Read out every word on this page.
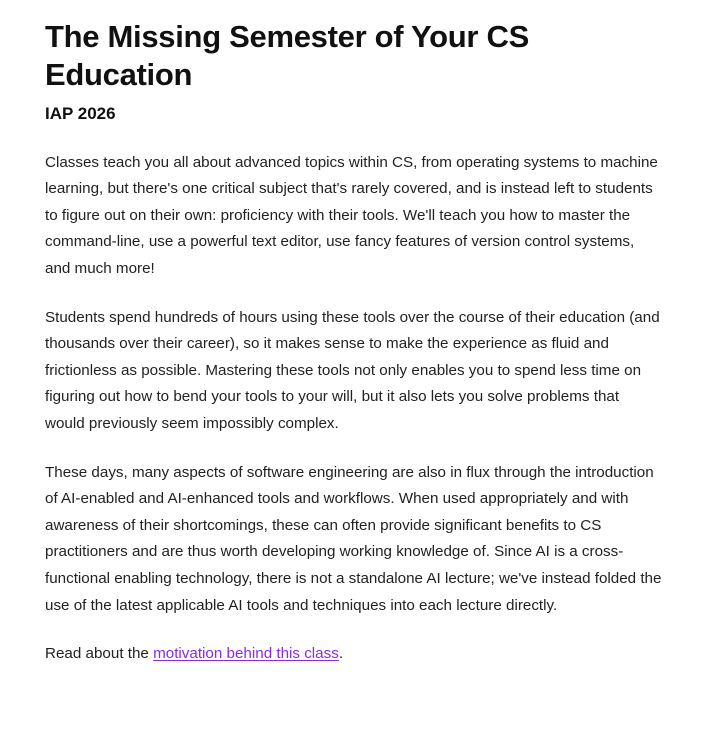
The Missing Semester of Your CS Education
IAP 2026

Classes teach you all about advanced topics within CS, from operating systems to machine learning, but there's one critical subject that's rarely covered, and is instead left to students to figure out on their own: proficiency with their tools. We'll teach you how to master the command-line, use a powerful text editor, use fancy features of version control systems, and much more!

Students spend hundreds of hours using these tools over the course of their education (and thousands over their career), so it makes sense to make the experience as fluid and frictionless as possible. Mastering these tools not only enables you to spend less time on figuring out how to bend your tools to your will, but it also lets you solve problems that would previously seem impossibly complex.

These days, many aspects of software engineering are also in flux through the introduction of AI-enabled and AI-enhanced tools and workflows. When used appropriately and with awareness of their shortcomings, these can often provide significant benefits to CS practitioners and are thus worth developing working knowledge of. Since AI is a cross-functional enabling technology, there is not a standalone AI lecture; we've instead folded the use of the latest applicable AI tools and techniques into each lecture directly.

Read about the motivation behind this class.
